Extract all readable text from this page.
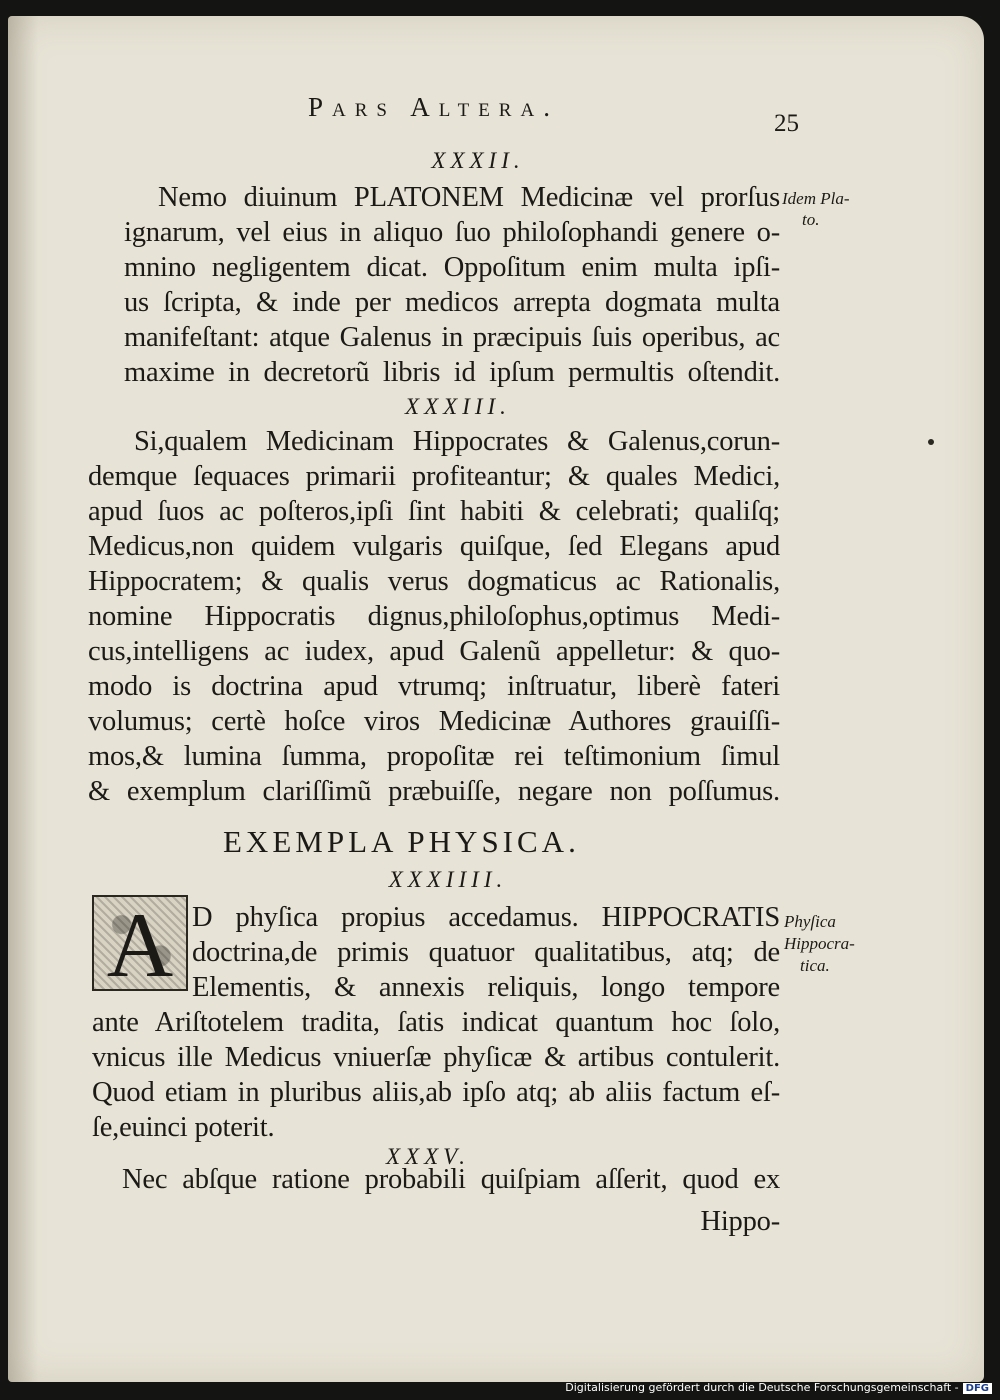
Pars Altera.
25
XXXII.
Nemo diuinum PLATONEM Medicinæ vel prorſus
ignarum, vel eius in aliquo ſuo philoſophandi genere o-
mnino negligentem dicat. Oppoſitum enim multa ipſi-
us ſcripta, & inde per medicos arrepta dogmata multa
manifeſtant: atque Galenus in præcipuis ſuis operibus, ac
maxime in decretorũ libris id ipſum permultis oſtendit.
Idem Pla-
to.
XXXIII.
Si,qualem Medicinam Hippocrates & Galenus,corun-
demque ſequaces primarii profiteantur; & quales Medici,
apud ſuos ac poſteros,ipſi ſint habiti & celebrati; qualiſq;
Medicus,non quidem vulgaris quiſque, ſed Elegans apud
Hippocratem; & qualis verus dogmaticus ac Rationalis,
nomine Hippocratis dignus,philoſophus,optimus Medi-
cus,intelligens ac iudex, apud Galenũ appelletur: & quo-
modo is doctrina apud vtrumq; inſtruatur, liberè fateri
volumus; certè hoſce viros Medicinæ Authores grauiſſi-
mos,& lumina ſumma, propoſitæ rei teſtimonium ſimul
& exemplum clariſſimũ præbuiſſe, negare non poſſumus.
EXEMPLA PHYSICA.
XXXIIII.
A D phyſica propius accedamus. HIPPOCRATIS
doctrina,de primis quatuor qualitatibus, atq; de
Elementis, & annexis reliquis, longo tempore
ante Ariſtotelem tradita, ſatis indicat quantum hoc ſolo,
vnicus ille Medicus vniuerſæ phyſicæ & artibus contulerit.
Quod etiam in pluribus aliis,ab ipſo atq; ab aliis factum eſ-
ſe,euinci poterit.
Phyſica
Hippocra-
tica.
XXXV.
Nec abſque ratione probabili quiſpiam aſſerit, quod ex
Hippo-
Digitalisierung gefördert durch die Deutsche Forschungsgemeinschaft - DFG
